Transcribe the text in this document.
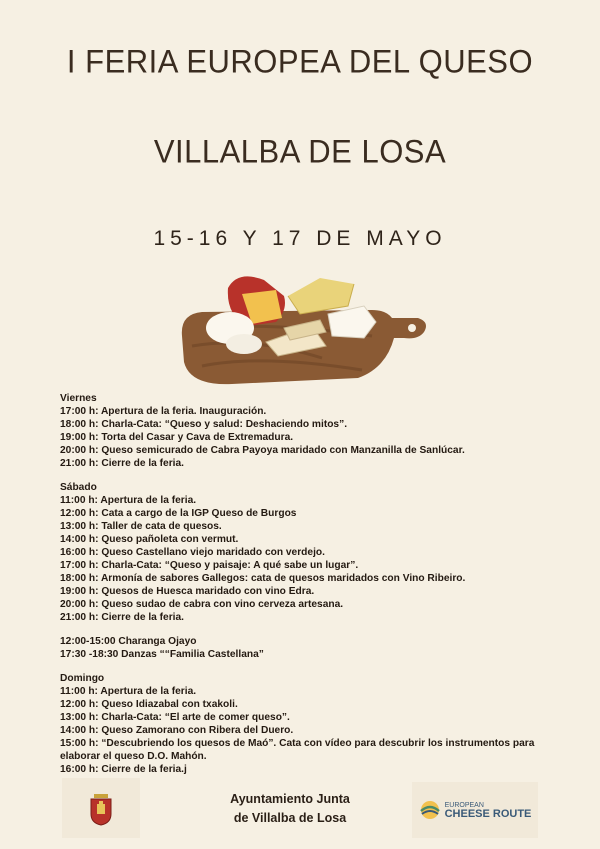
I FERIA EUROPEA DEL QUESO
VILLALBA DE LOSA
15-16 Y 17 DE MAYO
Viernes
17:00 h: Apertura de la feria. Inauguración.
18:00 h: Charla-Cata: “Queso y salud: Deshaciendo mitos”.
19:00 h: Torta del Casar y Cava de Extremadura.
20:00 h: Queso semicurado de Cabra Payoya maridado con Manzanilla de Sanlúcar.
21:00 h: Cierre de la feria.
Sábado
11:00 h: Apertura de la feria.
12:00 h: Cata a cargo de la IGP Queso de Burgos
13:00 h: Taller de cata de quesos.
14:00 h: Queso pañoleta con vermut.
16:00 h: Queso Castellano viejo maridado con verdejo.
17:00 h: Charla-Cata: “Queso y paisaje: A qué sabe un lugar”.
18:00 h: Armonía de sabores Gallegos: cata de quesos maridados con Vino Ribeiro.
19:00 h: Quesos de Huesca maridado con vino Edra.
20:00 h: Queso sudao de cabra con vino cerveza artesana.
21:00 h: Cierre de la feria.
12:00-15:00 Charanga Ojayo
17:30 -18:30 Danzas ““Familia Castellana”
Domingo
11:00 h: Apertura de la feria.
12:00 h: Queso Idiazabal con txakoli.
13:00 h: Charla-Cata: “El arte de comer queso”.
14:00 h: Queso Zamorano con Ribera del Duero.
15:00 h: “Descubriendo los quesos de Maó”. Cata con vídeo para descubrir los instrumentos para elaborar el queso D.O. Mahón.
16:00 h: Cierre de la feria.j
Ayuntamiento Junta
de Villalba de Losa
EUROPEAN
CHEESE ROUTE
